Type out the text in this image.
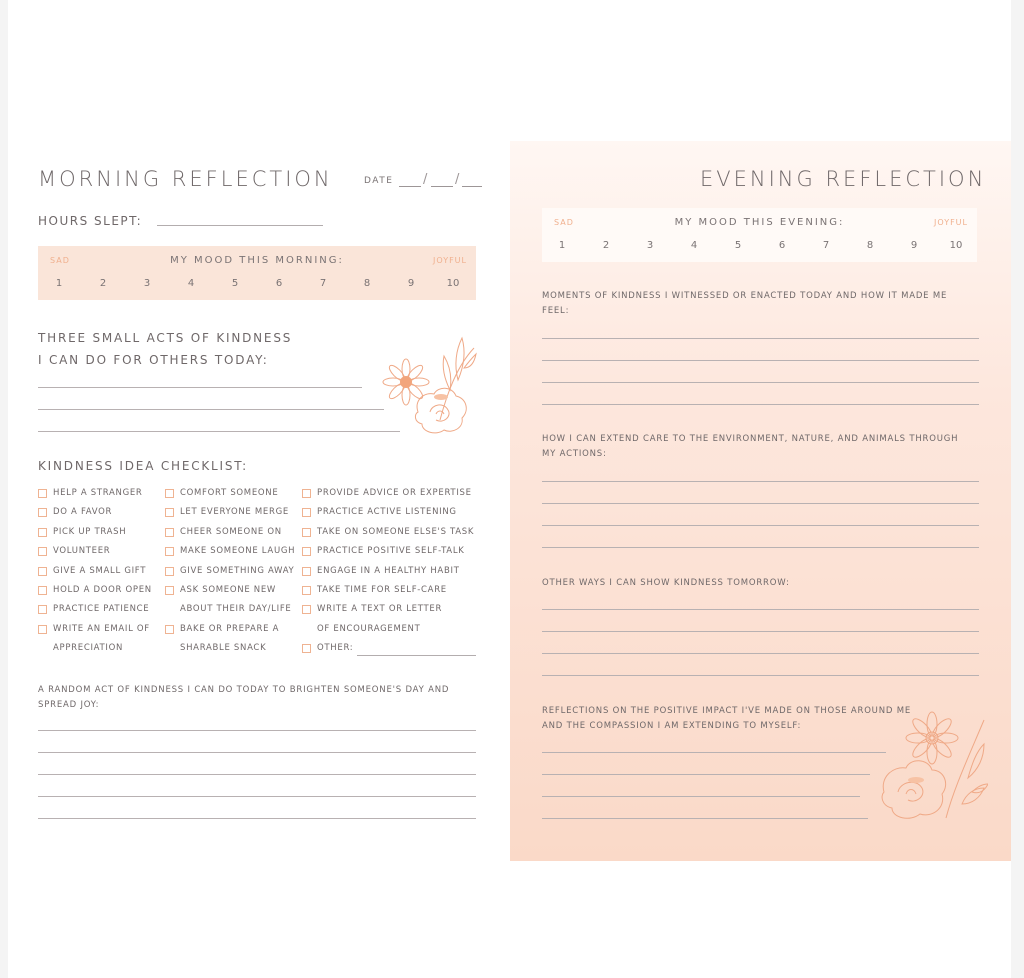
MORNING REFLECTION	DATE / /
HOURS SLEPT:
SAD	MY MOOD THIS MORNING:	JOYFUL
1	2	3	4	5	6	7	8	9	10
THREE SMALL ACTS OF KINDNESS
I CAN DO FOR OTHERS TODAY:
KINDNESS IDEA CHECKLIST:
HELP A STRANGER
DO A FAVOR
PICK UP TRASH
VOLUNTEER
GIVE A SMALL GIFT
HOLD A DOOR OPEN
PRACTICE PATIENCE
WRITE AN EMAIL OF
APPRECIATION
COMFORT SOMEONE
LET EVERYONE MERGE
CHEER SOMEONE ON
MAKE SOMEONE LAUGH
GIVE SOMETHING AWAY
ASK SOMEONE NEW
ABOUT THEIR DAY/LIFE
BAKE OR PREPARE A
SHARABLE SNACK
PROVIDE ADVICE OR EXPERTISE
PRACTICE ACTIVE LISTENING
TAKE ON SOMEONE ELSE'S TASK
PRACTICE POSITIVE SELF-TALK
ENGAGE IN A HEALTHY HABIT
TAKE TIME FOR SELF-CARE
WRITE A TEXT OR LETTER
OF ENCOURAGEMENT
OTHER:
A RANDOM ACT OF KINDNESS I CAN DO TODAY TO BRIGHTEN SOMEONE'S DAY AND SPREAD JOY:
EVENING REFLECTION
SAD	MY MOOD THIS EVENING:	JOYFUL
1	2	3	4	5	6	7	8	9	10
MOMENTS OF KINDNESS I WITNESSED OR ENACTED TODAY AND HOW IT MADE ME FEEL:
HOW I CAN EXTEND CARE TO THE ENVIRONMENT, NATURE, AND ANIMALS THROUGH MY ACTIONS:
OTHER WAYS I CAN SHOW KINDNESS TOMORROW:
REFLECTIONS ON THE POSITIVE IMPACT I'VE MADE ON THOSE AROUND ME AND THE COMPASSION I AM EXTENDING TO MYSELF:
